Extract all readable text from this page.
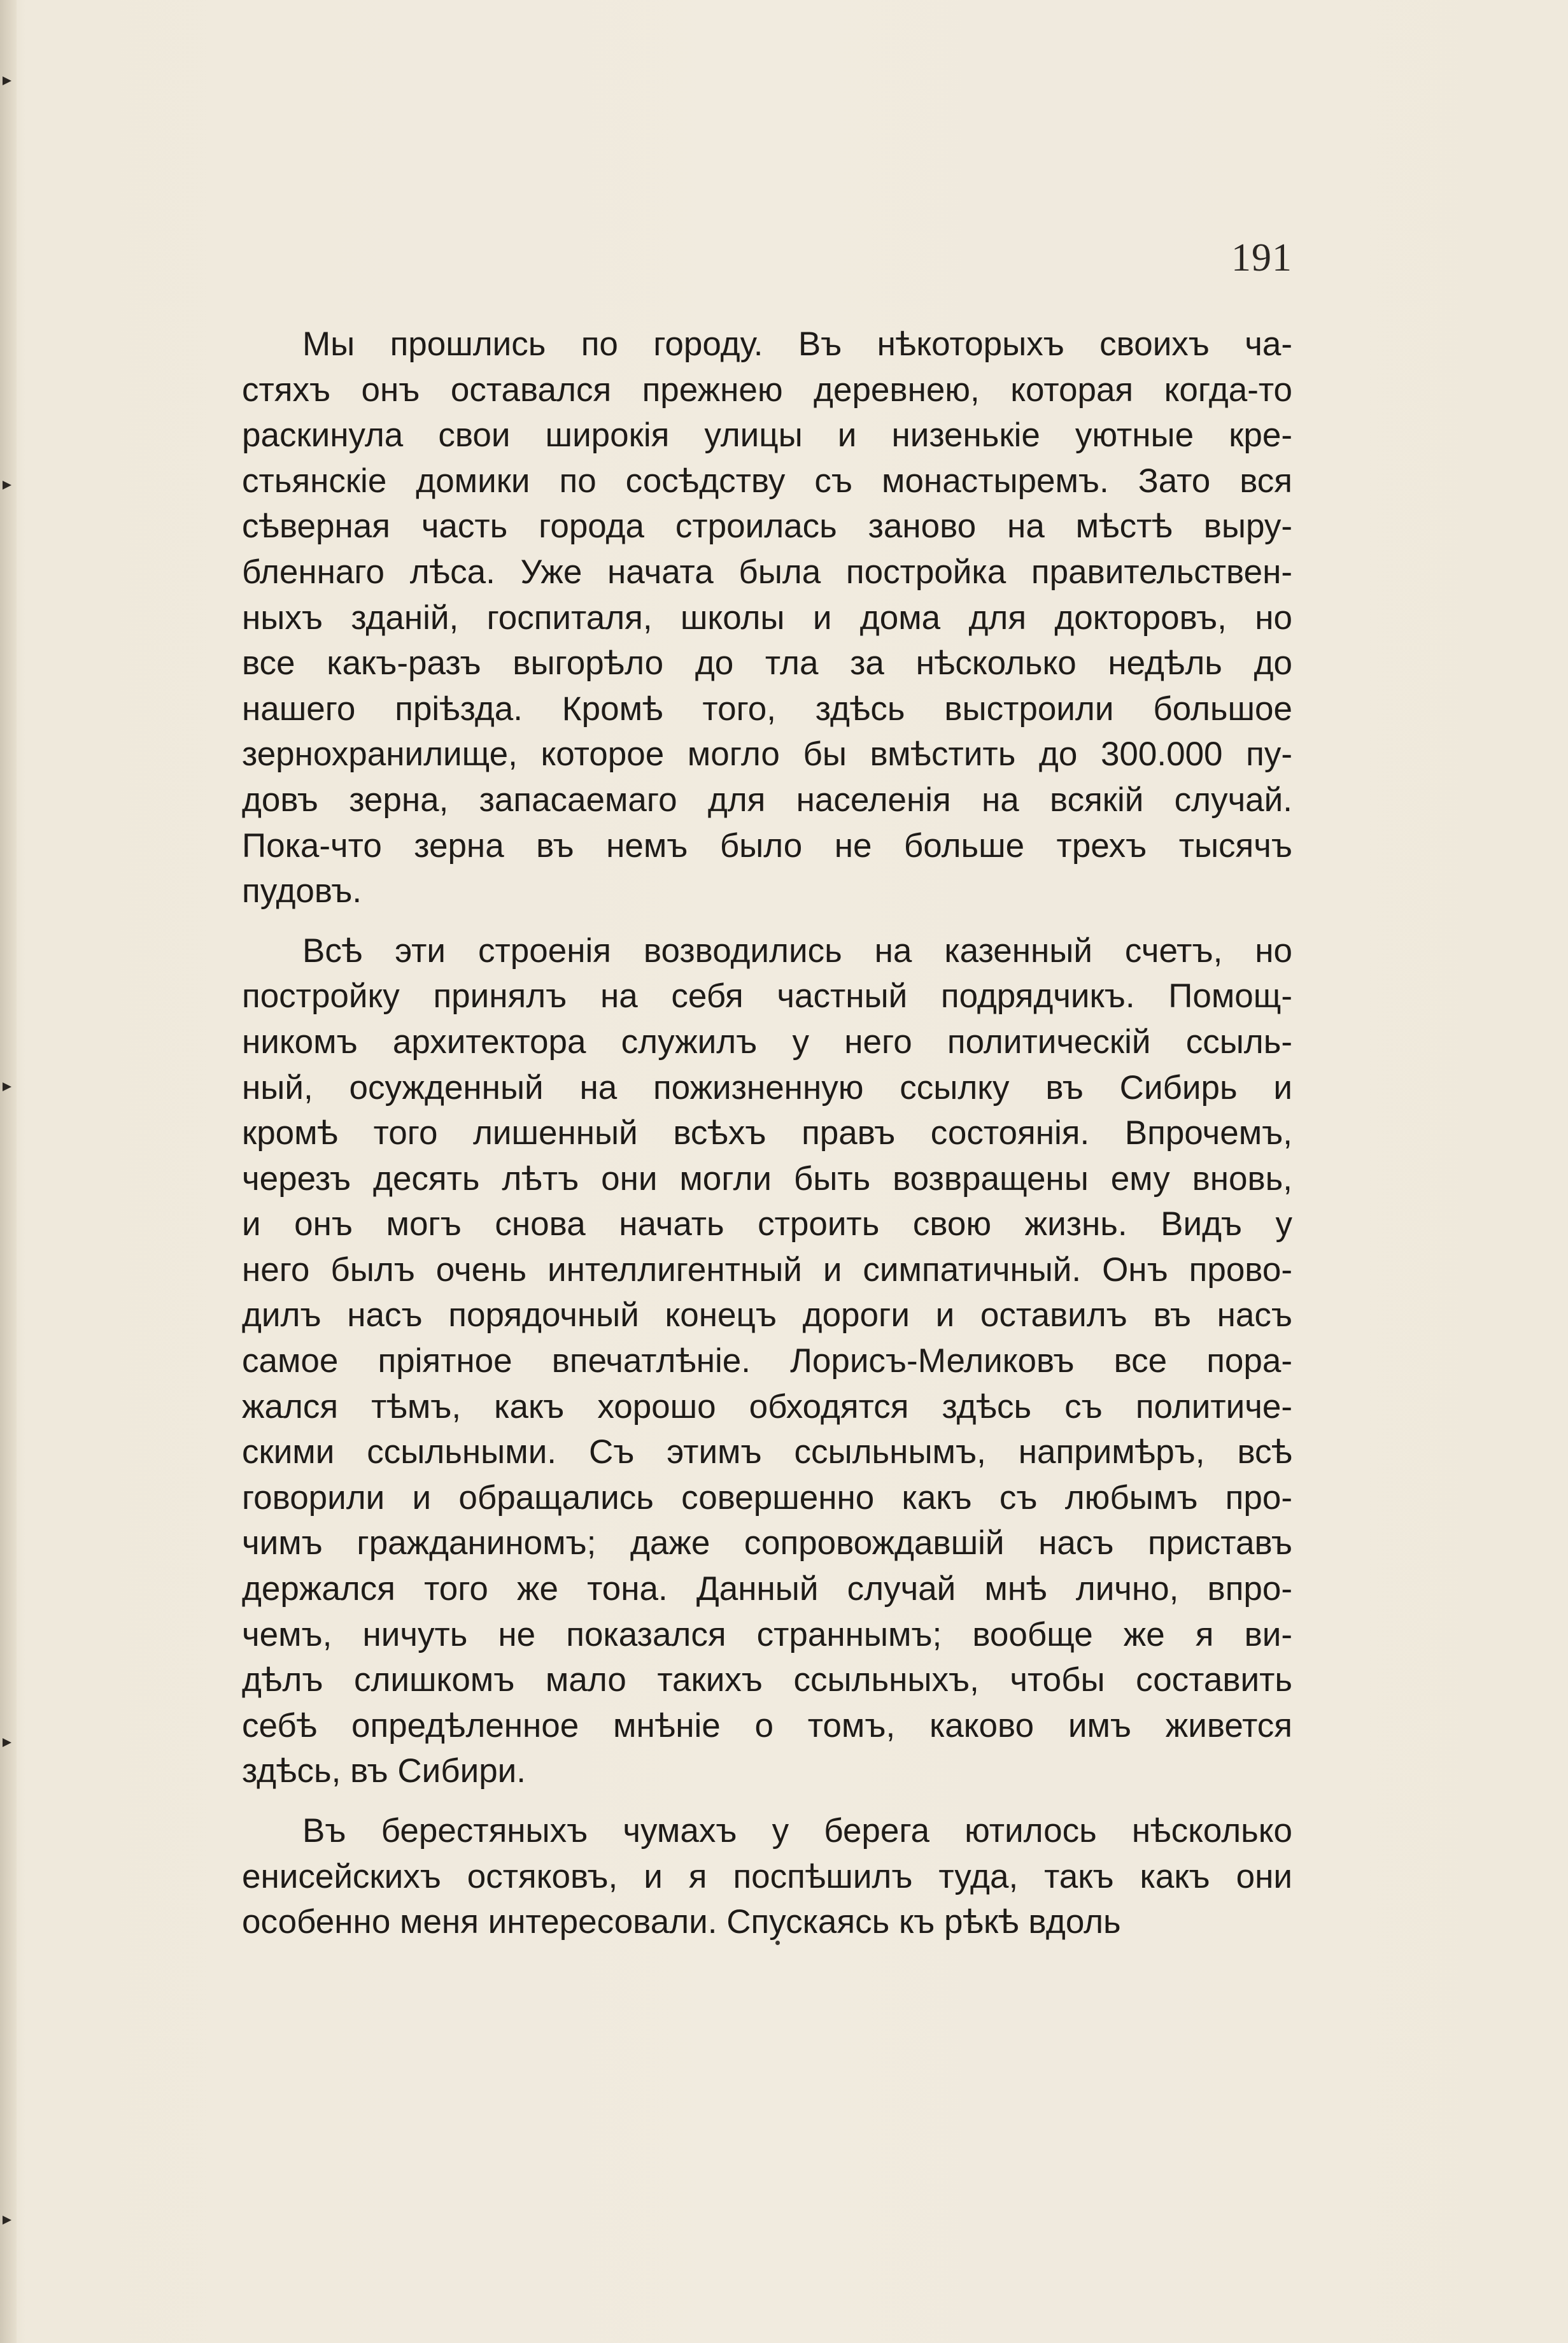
191
Мы прошлись по городу. Въ нѣкоторыхъ своихъ ча-
стяхъ онъ оставался прежнею деревнею, которая когда-то
раскинула свои широкія улицы и низенькіе уютные кре-
стьянскіе домики по сосѣдству съ монастыремъ. Зато вся
сѣверная часть города строилась заново на мѣстѣ выру-
бленнаго лѣса. Уже начата была постройка правительствен-
ныхъ зданій, госпиталя, школы и дома для докторовъ, но
все какъ-разъ выгорѣло до тла за нѣсколько недѣль до
нашего пріѣзда. Кромѣ того, здѣсь выстроили большое
зернохранилище, которое могло бы вмѣстить до 300.000 пу-
довъ зерна, запасаемаго для населенія на всякій случай.
Пока-что зерна въ немъ было не больше трехъ тысячъ
пудовъ.
Всѣ эти строенія возводились на казенный счетъ, но
постройку принялъ на себя частный подрядчикъ. Помощ-
никомъ архитектора служилъ у него политическій ссыль-
ный, осужденный на пожизненную ссылку въ Сибирь и
кромѣ того лишенный всѣхъ правъ состоянія. Впрочемъ,
черезъ десять лѣтъ они могли быть возвращены ему вновь,
и онъ могъ снова начать строить свою жизнь. Видъ у
него былъ очень интеллигентный и симпатичный. Онъ прово-
дилъ насъ порядочный конецъ дороги и оставилъ въ насъ
самое пріятное впечатлѣніе. Лорисъ-Меликовъ все пора-
жался тѣмъ, какъ хорошо обходятся здѣсь съ политиче-
скими ссыльными. Съ этимъ ссыльнымъ, напримѣръ, всѣ
говорили и обращались совершенно какъ съ любымъ про-
чимъ гражданиномъ; даже сопровождавшій насъ приставъ
держался того же тона. Данный случай мнѣ лично, впро-
чемъ, ничуть не показался страннымъ; вообще же я ви-
дѣлъ слишкомъ мало такихъ ссыльныхъ, чтобы составить
себѣ опредѣленное мнѣніе о томъ, каково имъ живется
здѣсь, въ Сибири.
Въ берестяныхъ чумахъ у берега ютилось нѣсколько
енисейскихъ остяковъ, и я поспѣшилъ туда, такъ какъ они
особенно меня интересовали. Спускаясь къ рѣкѣ вдоль
